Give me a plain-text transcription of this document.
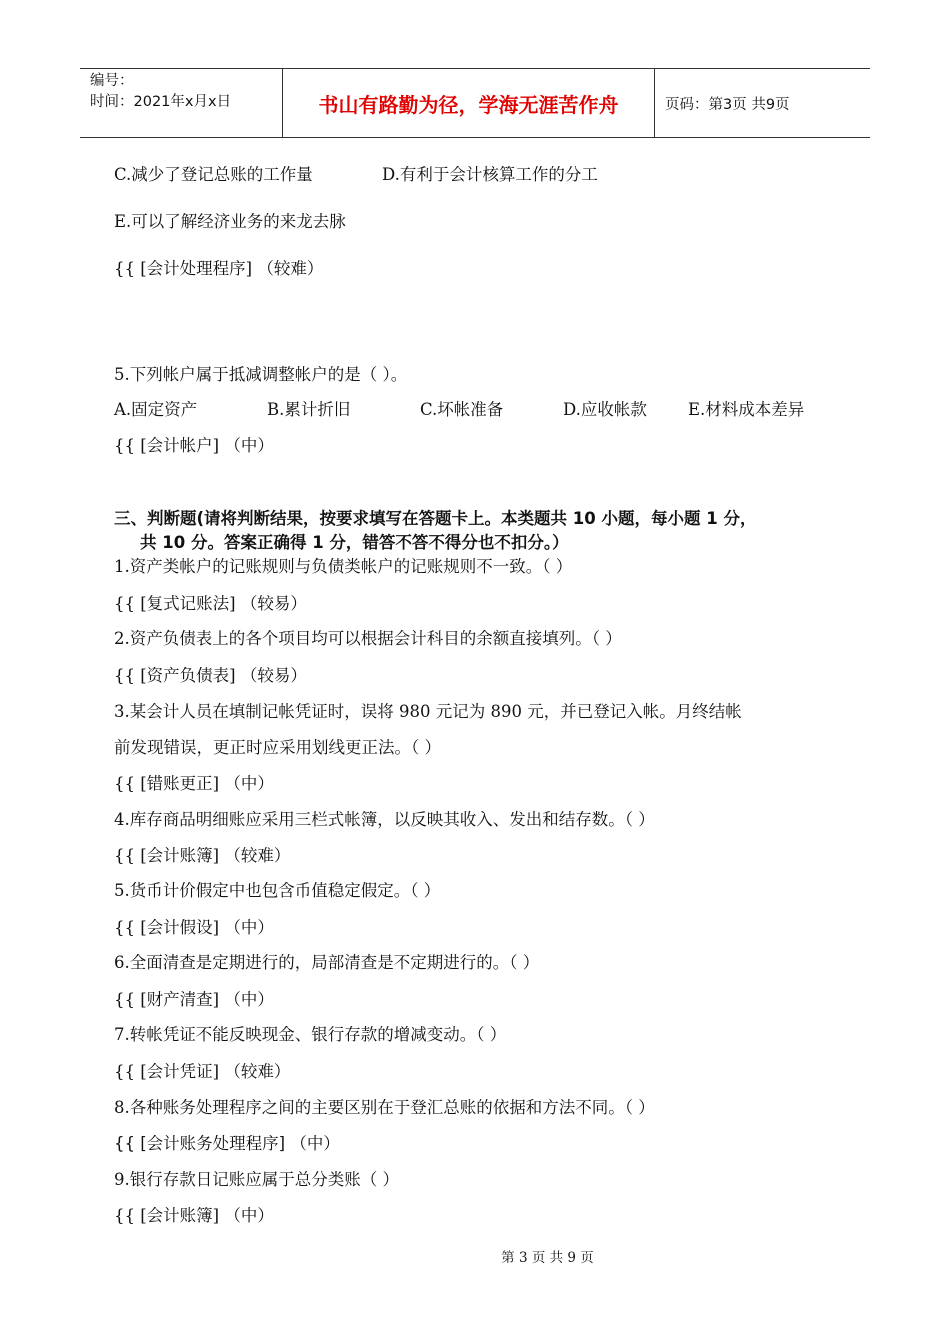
编号：
时间：2021年x月x日	书山有路勤为径，学海无涯苦作舟	页码：第3页 共9页
C.减少了登记总账的工作量	D.有利于会计核算工作的分工
E.可以了解经济业务的来龙去脉
{{ [会计处理程序] （较难）
5.下列帐户属于抵减调整帐户的是（ ）。
A.固定资产	B.累计折旧	C.坏帐准备	D.应收帐款 E.材料成本差异
{{ [会计帐户] （中）
三、判断题(请将判断结果，按要求填写在答题卡上。本类题共 10 小题，每小题 1 分，
共 10 分。答案正确得 1 分，错答不答不得分也不扣分。）
1.资产类帐户的记账规则与负债类帐户的记账规则不一致。（ ）
{{ [复式记账法] （较易）
2.资产负债表上的各个项目均可以根据会计科目的余额直接填列。（ ）
{{ [资产负债表] （较易）
3.某会计人员在填制记帐凭证时，误将 980 元记为 890 元，并已登记入帐。月终结帐
前发现错误，更正时应采用划线更正法。（ ）
{{ [错账更正] （中）
4.库存商品明细账应采用三栏式帐簿，以反映其收入、发出和结存数。（ ）
{{ [会计账簿] （较难）
5.货币计价假定中也包含币值稳定假定。（ ）
{{ [会计假设] （中）
6.全面清查是定期进行的，局部清查是不定期进行的。（ ）
{{ [财产清查] （中）
7.转帐凭证不能反映现金、银行存款的增减变动。（ ）
{{ [会计凭证] （较难）
8.各种账务处理程序之间的主要区别在于登汇总账的依据和方法不同。（ ）
{{ [会计账务处理程序] （中）
9.银行存款日记账应属于总分类账（ ）
{{ [会计账簿] （中）
第 3 页 共 9 页
